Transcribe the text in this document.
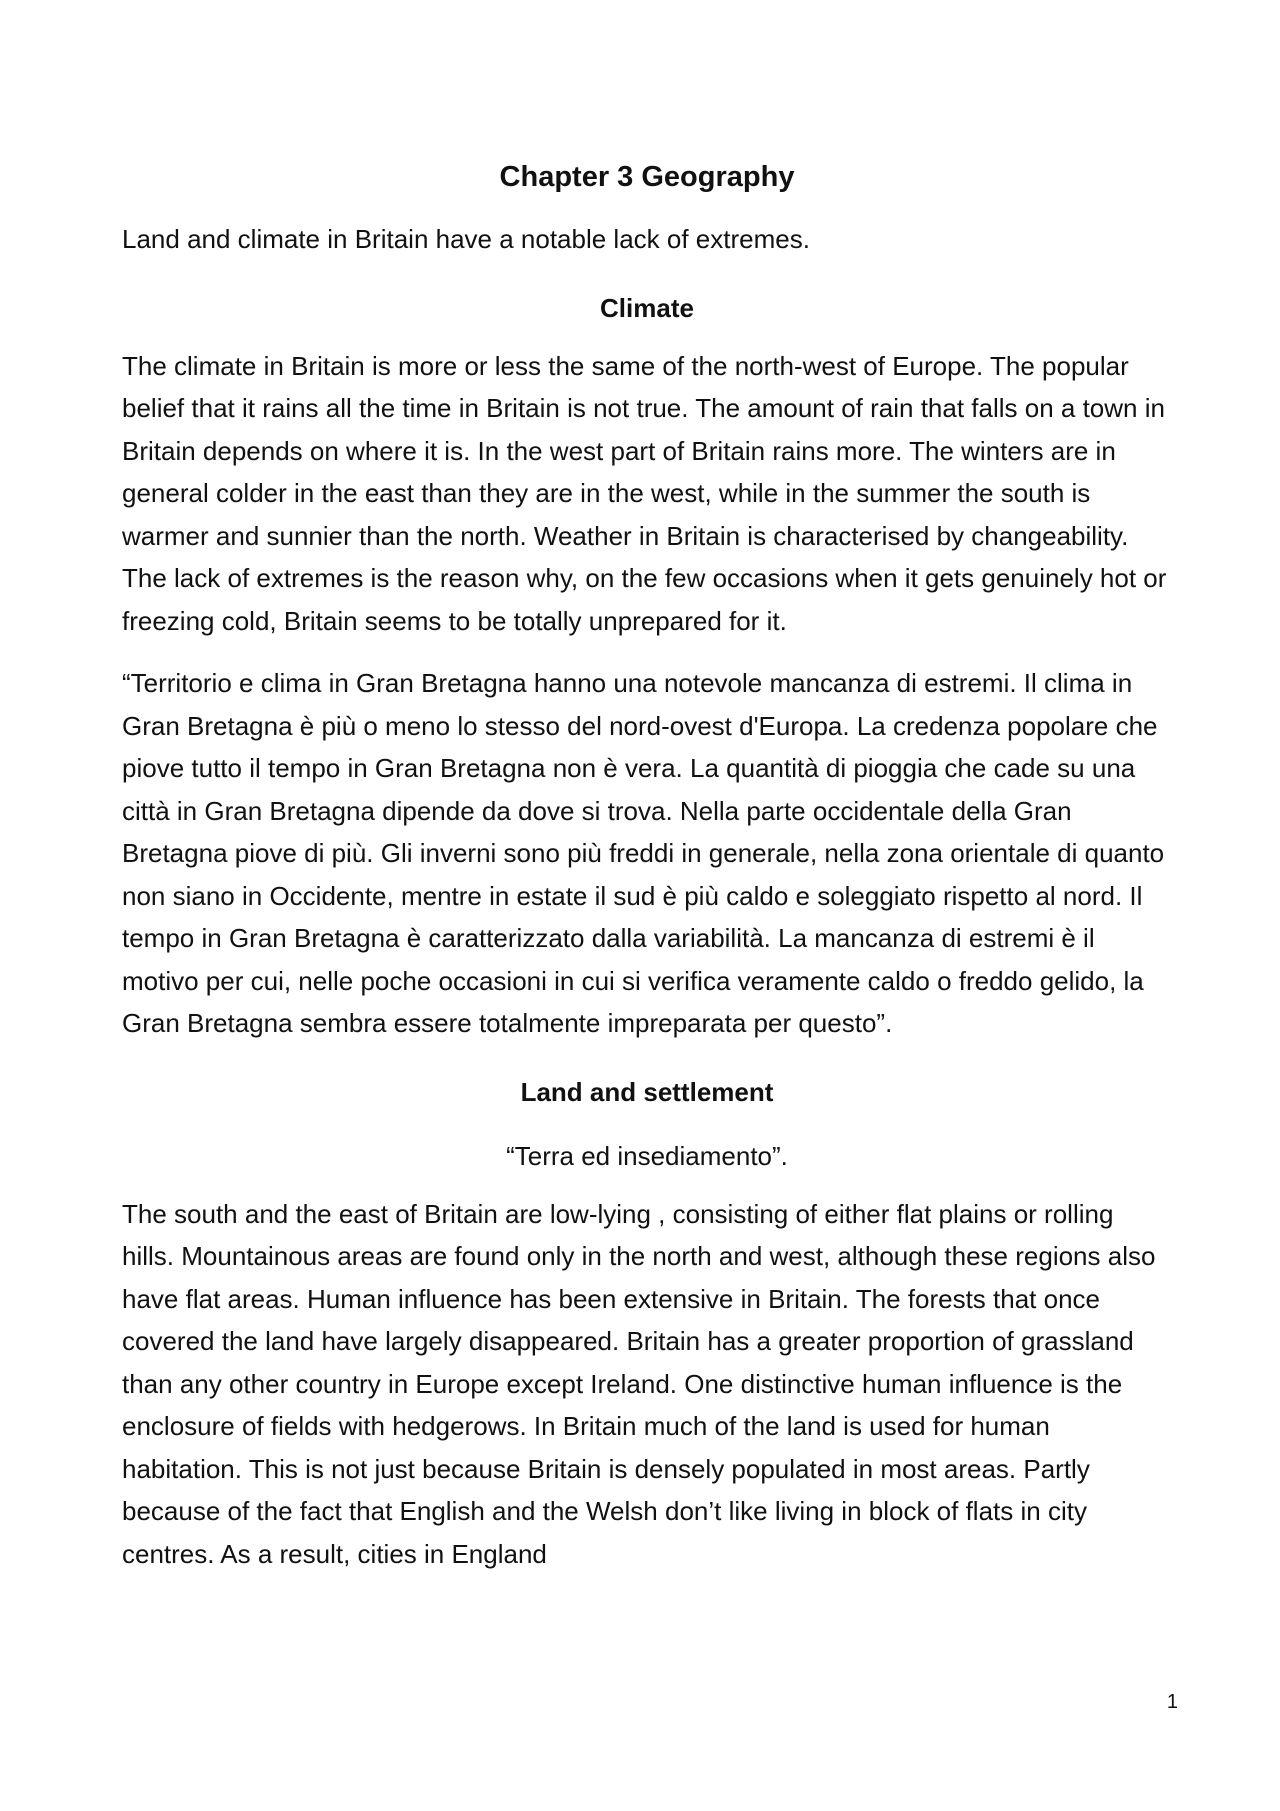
Chapter 3 Geography

Land and climate in Britain have a notable lack of extremes.

Climate

The climate in Britain is more or less the same of the north-west of Europe. The popular belief that it rains all the time in Britain is not true. The amount of rain that falls on a town in Britain depends on where it is. In the west part of Britain rains more. The winters are in general colder in the east than they are in the west, while in the summer the south is warmer and sunnier than the north. Weather in Britain is characterised by changeability. The lack of extremes is the reason why, on the few occasions when it gets genuinely hot or freezing cold, Britain seems to be totally unprepared for it.

“Territorio e clima in Gran Bretagna hanno una notevole mancanza di estremi. Il clima in Gran Bretagna è più o meno lo stesso del nord-ovest d'Europa. La credenza popolare che piove tutto il tempo in Gran Bretagna non è vera. La quantità di pioggia che cade su una città in Gran Bretagna dipende da dove si trova. Nella parte occidentale della Gran Bretagna piove di più. Gli inverni sono più freddi in generale, nella zona orientale di quanto non siano in Occidente, mentre in estate il sud è più caldo e soleggiato rispetto al nord. Il tempo in Gran Bretagna è caratterizzato dalla variabilità. La mancanza di estremi è il motivo per cui, nelle poche occasioni in cui si verifica veramente caldo o freddo gelido, la Gran Bretagna sembra essere totalmente impreparata per questo”.

Land and settlement
“Terra ed insediamento”.

The south and the east of Britain are low-lying , consisting of either flat plains or rolling hills. Mountainous areas are found only in the north and west, although these regions also have flat areas. Human influence has been extensive in Britain. The forests that once covered the land have largely disappeared. Britain has a greater proportion of grassland than any other country in Europe except Ireland. One distinctive human influence is the enclosure of fields with hedgerows. In Britain much of the land is used for human habitation. This is not just because Britain is densely populated in most areas. Partly because of the fact that English and the Welsh don’t like living in block of flats in city centres. As a result, cities in England

1
